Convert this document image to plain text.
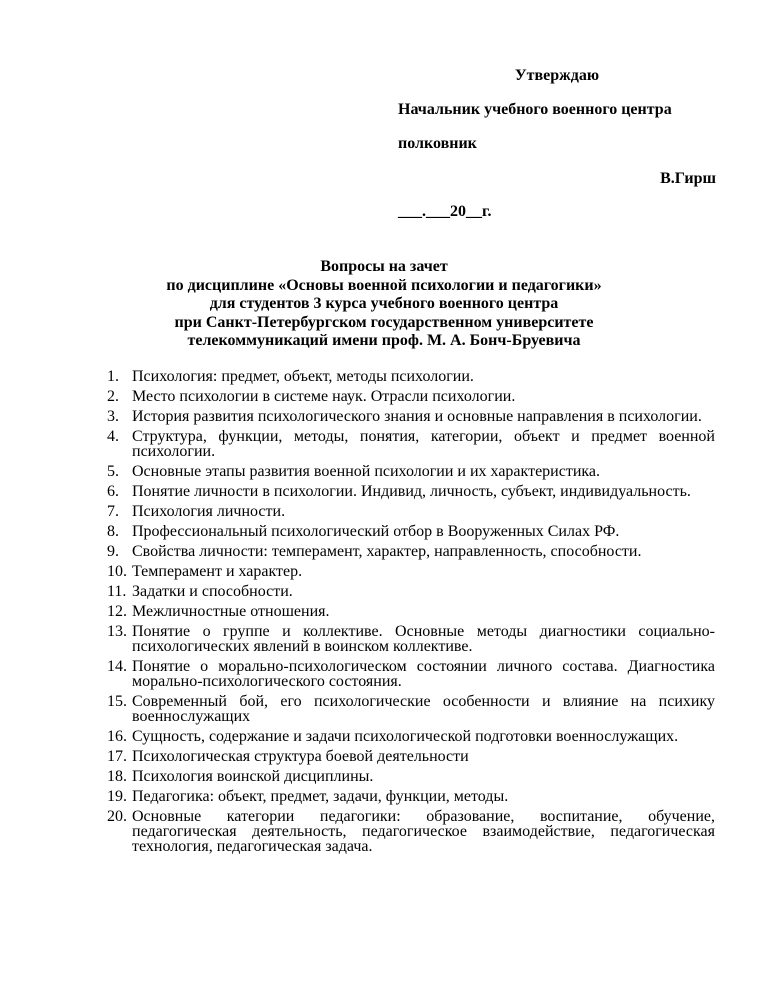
Утверждаю
Начальник учебного военного центра
полковник
В.Гирш
___.___20__г.
Вопросы на зачет
по дисциплине «Основы военной психологии и педагогики»
для студентов 3 курса учебного военного центра
при Санкт-Петербургском государственном университете
телекоммуникаций имени проф. М. А. Бонч-Бруевича
1. Психология: предмет, объект, методы психологии.
2. Место психологии в системе наук. Отрасли психологии.
3. История развития психологического знания и основные направления в психологии.
4. Структура, функции, методы, понятия, категории, объект и предмет военной психологии.
5. Основные этапы развития военной психологии и их характеристика.
6. Понятие личности в психологии. Индивид, личность, субъект, индивидуальность.
7. Психология личности.
8. Профессиональный психологический отбор в Вооруженных Силах РФ.
9. Свойства личности: темперамент, характер, направленность, способности.
10. Темперамент и характер.
11. Задатки и способности.
12. Межличностные отношения.
13. Понятие о группе и коллективе. Основные методы диагностики социально-психологических явлений в воинском коллективе.
14. Понятие о морально-психологическом состоянии личного состава. Диагностика морально-психологического состояния.
15. Современный бой, его психологические особенности и влияние на психику военнослужащих
16. Сущность, содержание и задачи психологической подготовки военнослужащих.
17. Психологическая структура боевой деятельности
18. Психология воинской дисциплины.
19. Педагогика: объект, предмет, задачи, функции, методы.
20. Основные категории педагогики: образование, воспитание, обучение, педагогическая деятельность, педагогическое взаимодействие, педагогическая технология, педагогическая задача.
